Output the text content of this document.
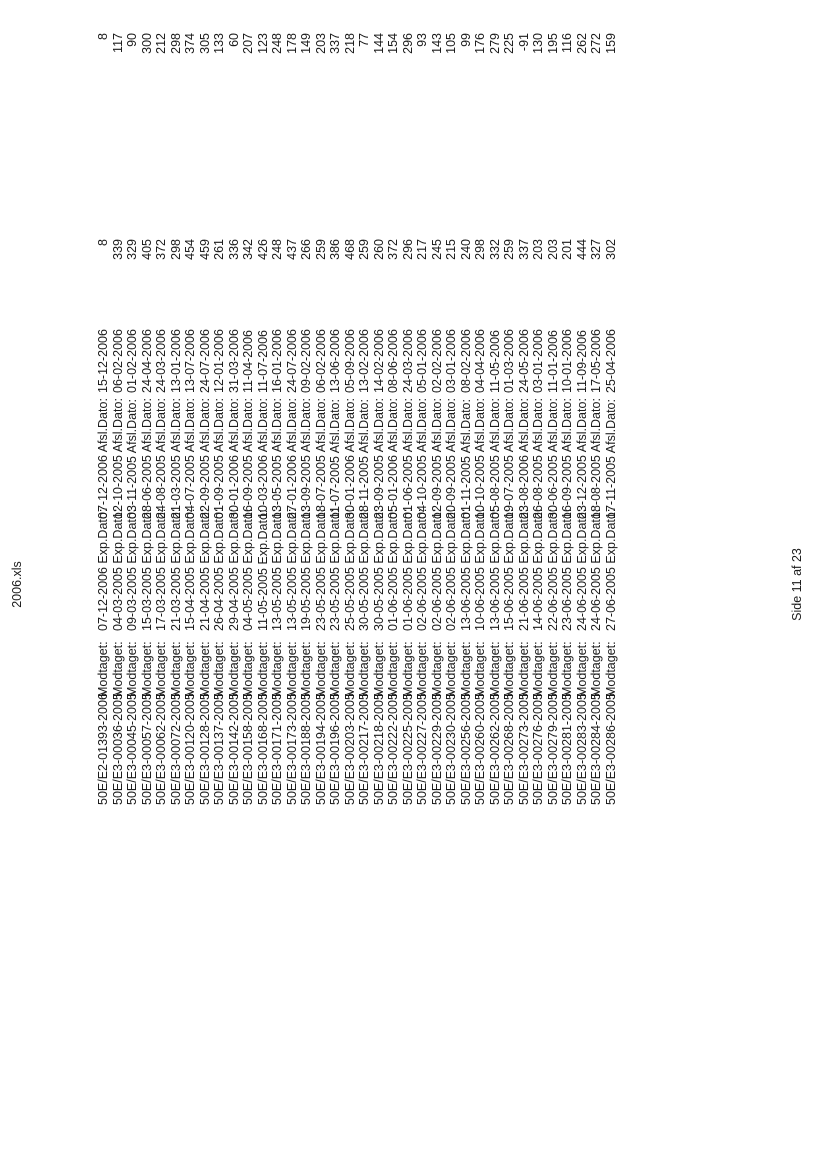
2006.xls
50E/E2-01393-2006
Modtaget:
07-12-2006 Exp.Dato:
07-12-2006 Afsl.Dato:
15-12-2006
8
8
50E/E3-00036-2005
Modtaget:
04-03-2005 Exp.Dato:
12-10-2005 Afsl.Dato:
06-02-2006
339
117
50E/E3-00045-2005
Modtaget:
09-03-2005 Exp.Dato:
03-11-2005 Afsl.Dato:
01-02-2006
329
90
50E/E3-00057-2005
Modtaget:
15-03-2005 Exp.Dato:
28-06-2005 Afsl.Dato:
24-04-2006
405
300
50E/E3-00062-2005
Modtaget:
17-03-2005 Exp.Dato:
24-08-2005 Afsl.Dato:
24-03-2006
372
212
50E/E3-00072-2005
Modtaget:
21-03-2005 Exp.Dato:
21-03-2005 Afsl.Dato:
13-01-2006
298
298
50E/E3-00120-2005
Modtaget:
15-04-2005 Exp.Dato:
04-07-2005 Afsl.Dato:
13-07-2006
454
374
50E/E3-00128-2005
Modtaget:
21-04-2005 Exp.Dato:
22-09-2005 Afsl.Dato:
24-07-2006
459
305
50E/E3-00137-2005
Modtaget:
26-04-2005 Exp.Dato:
01-09-2005 Afsl.Dato:
12-01-2006
261
133
50E/E3-00142-2005
Modtaget:
29-04-2005 Exp.Dato:
30-01-2006 Afsl.Dato:
31-03-2006
336
60
50E/E3-00158-2005
Modtaget:
04-05-2005 Exp.Dato:
16-09-2005 Afsl.Dato:
11-04-2006
342
207
50E/E3-00168-2005
Modtaget:
11-05-2005 Exp.Dato:
10-03-2006 Afsl.Dato:
11-07-2006
426
123
50E/E3-00171-2005
Modtaget:
13-05-2005 Exp.Dato:
13-05-2005 Afsl.Dato:
16-01-2006
248
248
50E/E3-00173-2005
Modtaget:
13-05-2005 Exp.Dato:
27-01-2006 Afsl.Dato:
24-07-2006
437
178
50E/E3-00188-2005
Modtaget:
19-05-2005 Exp.Dato:
13-09-2005 Afsl.Dato:
09-02-2006
266
149
50E/E3-00194-2005
Modtaget:
23-05-2005 Exp.Dato:
18-07-2005 Afsl.Dato:
06-02-2006
259
203
50E/E3-00196-2005
Modtaget:
23-05-2005 Exp.Dato:
11-07-2005 Afsl.Dato:
13-06-2006
386
337
50E/E3-00203-2005
Modtaget:
25-05-2005 Exp.Dato:
30-01-2006 Afsl.Dato:
05-09-2006
468
218
50E/E3-00217-2005
Modtaget:
30-05-2005 Exp.Dato:
28-11-2005 Afsl.Dato:
13-02-2006
259
77
50E/E3-00218-2005
Modtaget:
30-05-2005 Exp.Dato:
23-09-2005 Afsl.Dato:
14-02-2006
260
144
50E/E3-00222-2005
Modtaget:
01-06-2005 Exp.Dato:
05-01-2006 Afsl.Dato:
08-06-2006
372
154
50E/E3-00225-2005
Modtaget:
01-06-2005 Exp.Dato:
01-06-2005 Afsl.Dato:
24-03-2006
296
296
50E/E3-00227-2005
Modtaget:
02-06-2005 Exp.Dato:
04-10-2005 Afsl.Dato:
05-01-2006
217
93
50E/E3-00229-2005
Modtaget:
02-06-2005 Exp.Dato:
12-09-2005 Afsl.Dato:
02-02-2006
245
143
50E/E3-00230-2005
Modtaget:
02-06-2005 Exp.Dato:
20-09-2005 Afsl.Dato:
03-01-2006
215
105
50E/E3-00256-2005
Modtaget:
13-06-2005 Exp.Dato:
01-11-2005 Afsl.Dato:
08-02-2006
240
99
50E/E3-00260-2005
Modtaget:
10-06-2005 Exp.Dato:
10-10-2005 Afsl.Dato:
04-04-2006
298
176
50E/E3-00262-2005
Modtaget:
13-06-2005 Exp.Dato:
05-08-2005 Afsl.Dato:
11-05-2006
332
279
50E/E3-00268-2005
Modtaget:
15-06-2005 Exp.Dato:
19-07-2005 Afsl.Dato:
01-03-2006
259
225
50E/E3-00273-2005
Modtaget:
21-06-2005 Exp.Dato:
23-08-2006 Afsl.Dato:
24-05-2006
337
-91
50E/E3-00276-2005
Modtaget:
14-06-2005 Exp.Dato:
26-08-2005 Afsl.Dato:
03-01-2006
203
130
50E/E3-00279-2005
Modtaget:
22-06-2005 Exp.Dato:
30-06-2005 Afsl.Dato:
11-01-2006
203
195
50E/E3-00281-2005
Modtaget:
23-06-2005 Exp.Dato:
16-09-2005 Afsl.Dato:
10-01-2006
201
116
50E/E3-00283-2005
Modtaget:
24-06-2005 Exp.Dato:
23-12-2005 Afsl.Dato:
11-09-2006
444
262
50E/E3-00284-2005
Modtaget:
24-06-2005 Exp.Dato:
18-08-2005 Afsl.Dato:
17-05-2006
327
272
50E/E3-00286-2005
Modtaget:
27-06-2005 Exp.Dato:
17-11-2005 Afsl.Dato:
25-04-2006
302
159
Side 11 af 23
